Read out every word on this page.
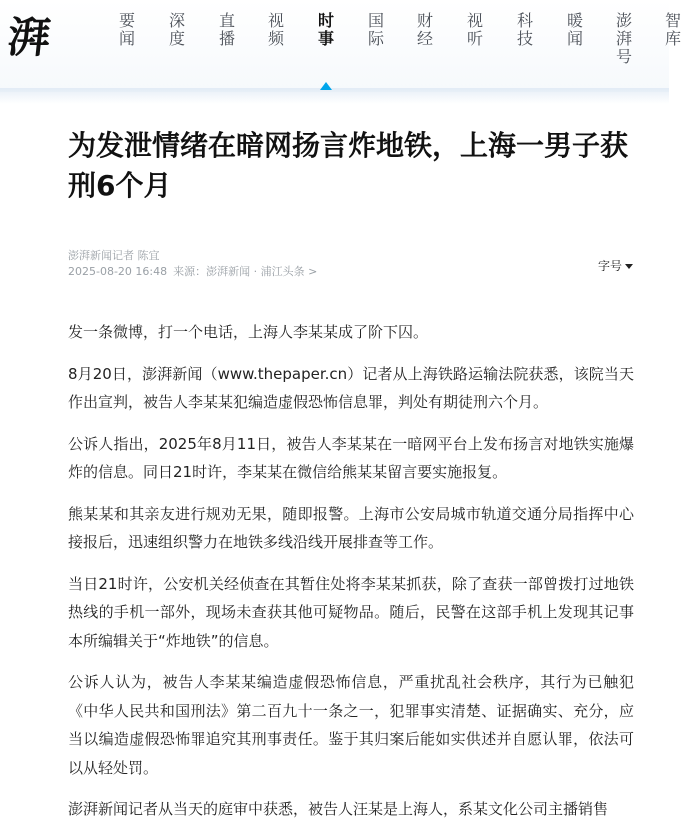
湃	要闻
深度
直播
视频
时事
国际
财经
视听
科技
暖闻
澎湃号
智库
为发泄情绪在暗网扬言炸地铁，上海一男子获刑6个月
澎湃新闻记者 陈宜
2025-08-20 16:48 来源：澎湃新闻 · 浦江头条 >	字号

发一条微博，打一个电话，上海人李某某成了阶下囚。

8月20日，澎湃新闻（www.thepaper.cn）记者从上海铁路运输法院获悉，该院当天作出宣判，被告人李某某犯编造虚假恐怖信息罪，判处有期徒刑六个月。

公诉人指出，2025年8月11日，被告人李某某在一暗网平台上发布扬言对地铁实施爆炸的信息。同日21时许，李某某在微信给熊某某留言要实施报复。

熊某某和其亲友进行规劝无果，随即报警。上海市公安局城市轨道交通分局指挥中心接报后，迅速组织警力在地铁多线沿线开展排查等工作。

当日21时许，公安机关经侦查在其暂住处将李某某抓获，除了查获一部曾拨打过地铁热线的手机一部外，现场未查获其他可疑物品。随后，民警在这部手机上发现其记事本所编辑关于“炸地铁”的信息。

公诉人认为，被告人李某某编造虚假恐怖信息，严重扰乱社会秩序，其行为已触犯《中华人民共和国刑法》第二百九十一条之一，犯罪事实清楚、证据确实、充分，应当以编造虚假恐怖罪追究其刑事责任。鉴于其归案后能如实供述并自愿认罪，依法可以从轻处罚。

澎湃新闻记者从当天的庭审中获悉，被告人汪某是上海人，系某文化公司主播销售
